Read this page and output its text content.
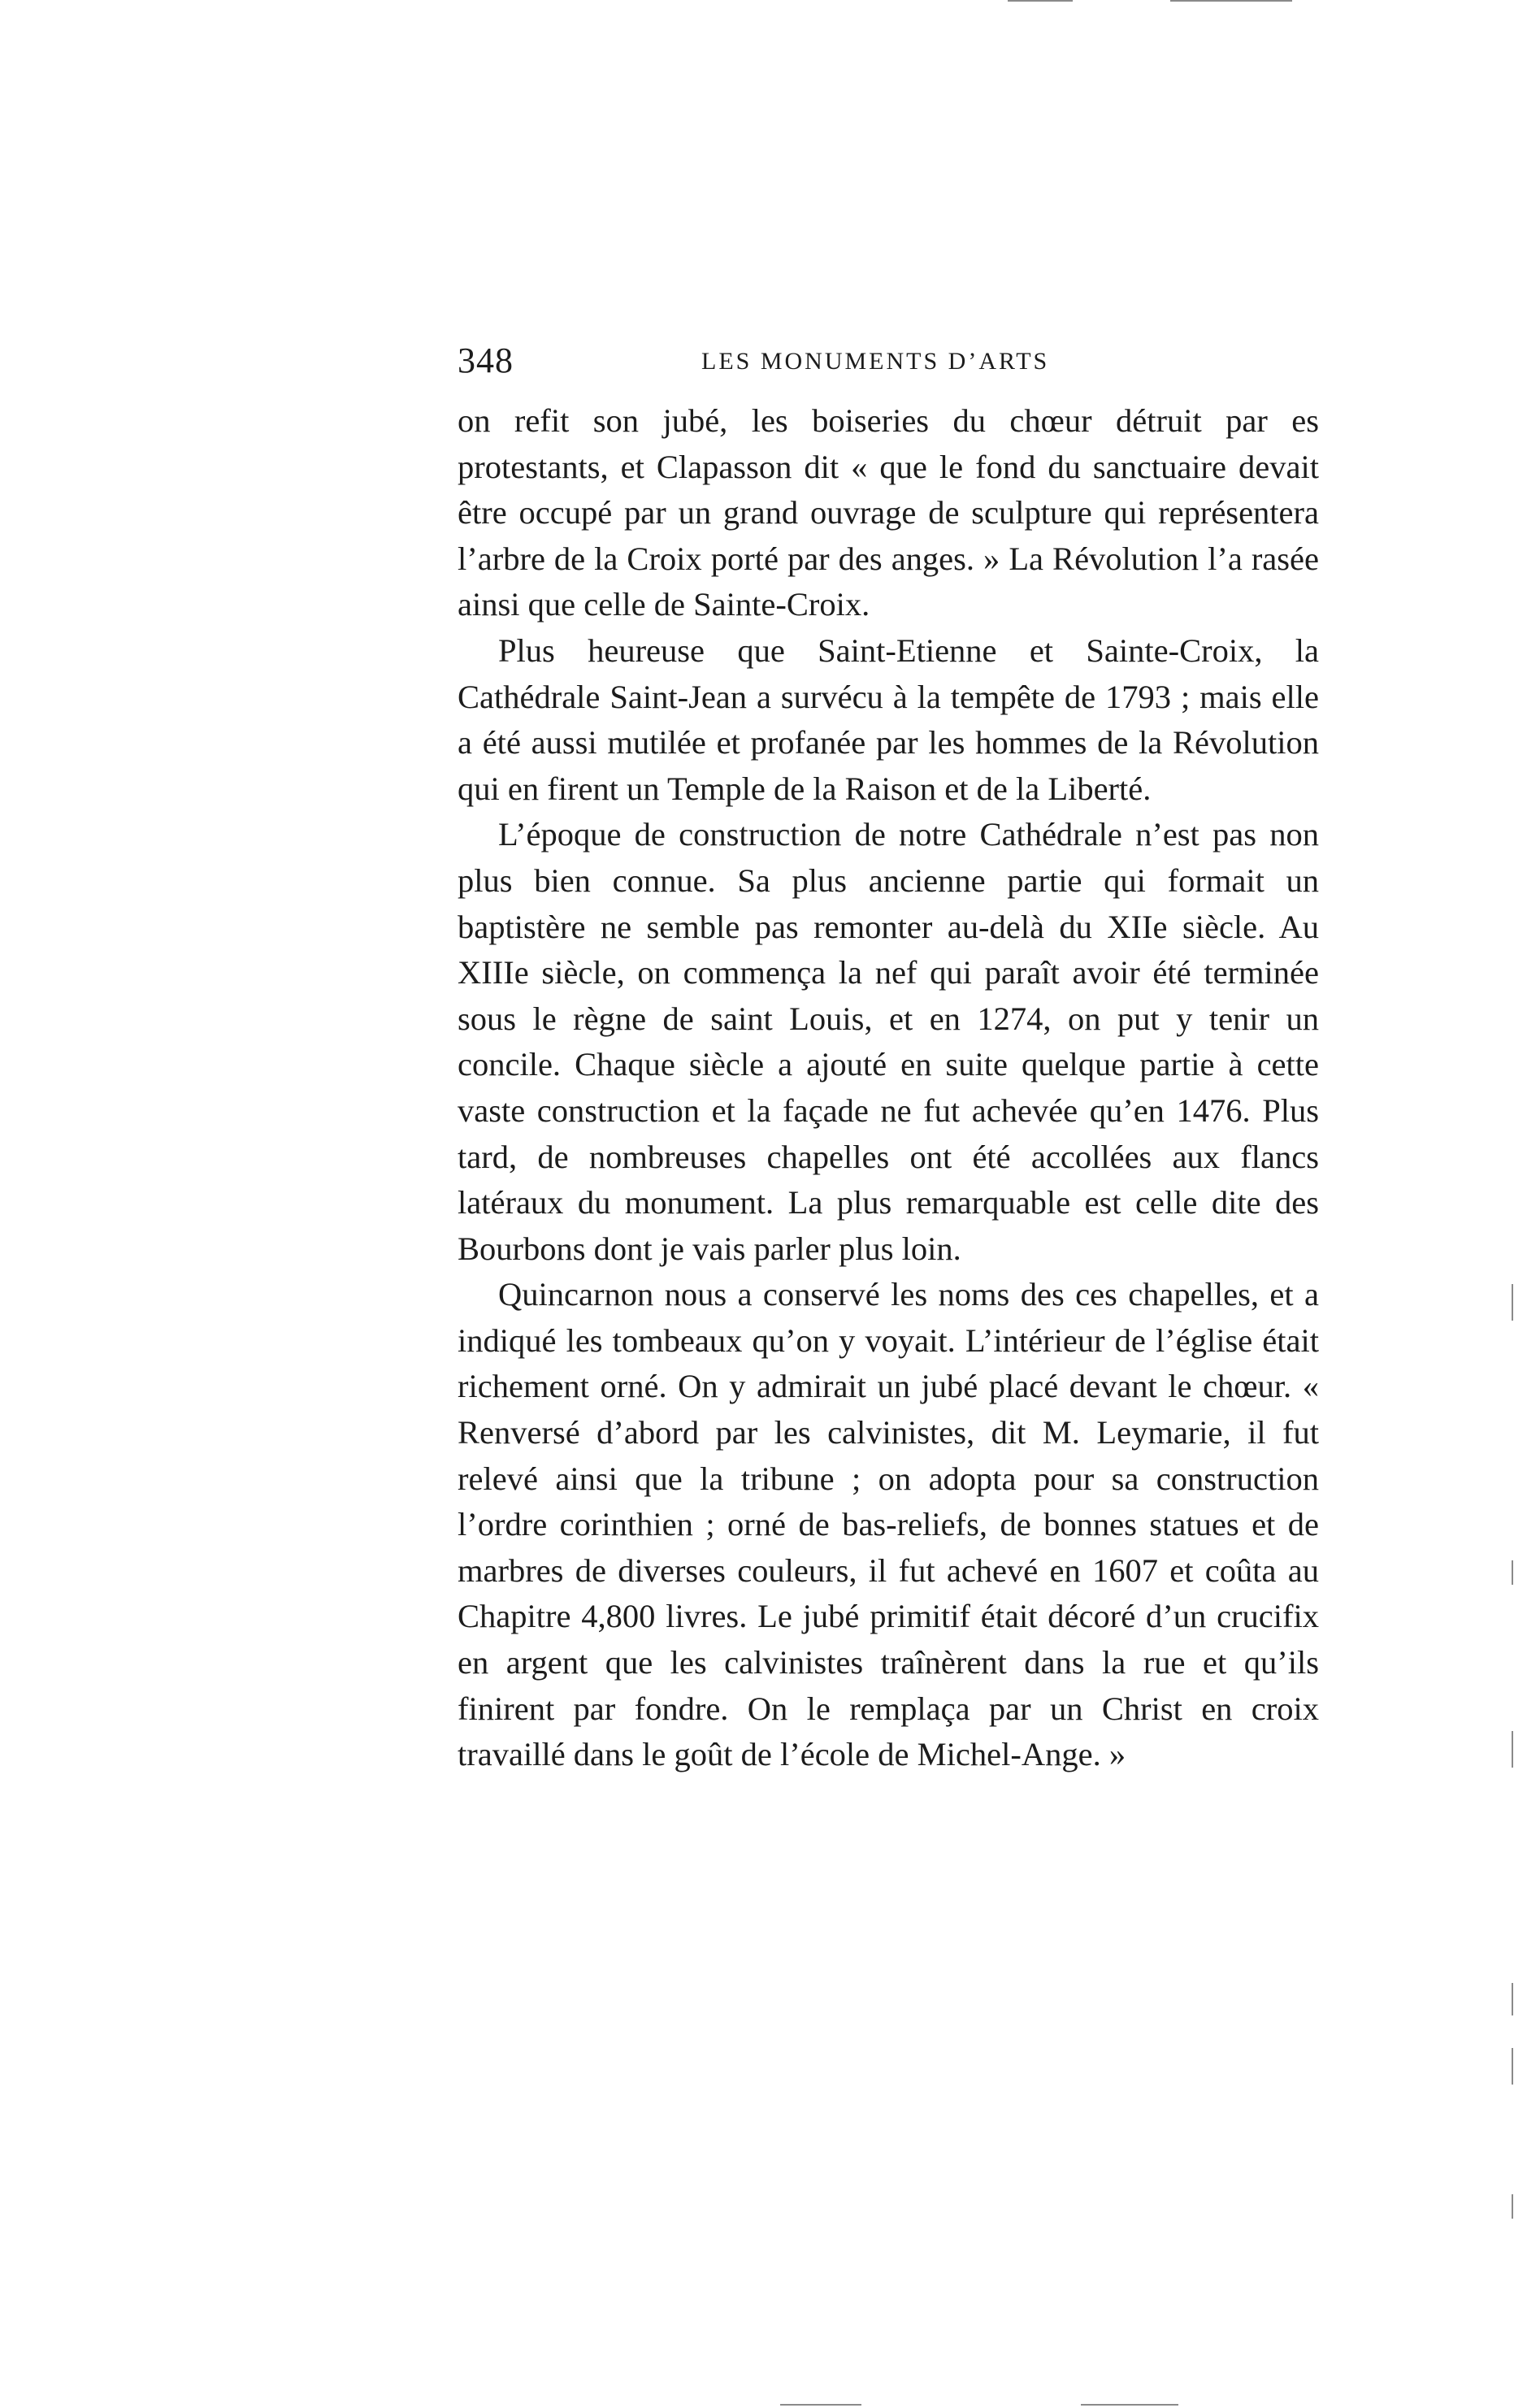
348	LES MONUMENTS D’ARTS

on refit son jubé, les boiseries du chœur détruit par es protestants, et Clapasson dit « que le fond du sanctuaire devait être occupé par un grand ouvrage de sculpture qui représentera l’arbre de la Croix porté par des anges. » La Révolution l’a rasée ainsi que celle de Sainte-Croix.

Plus heureuse que Saint-Etienne et Sainte-Croix, la Cathédrale Saint-Jean a survécu à la tempête de 1793 ; mais elle a été aussi mutilée et profanée par les hommes de la Révolution qui en firent un Temple de la Raison et de la Liberté.

L’époque de construction de notre Cathédrale n’est pas non plus bien connue. Sa plus ancienne partie qui formait un baptistère ne semble pas remonter au-delà du XIIe siècle. Au XIIIe siècle, on commença la nef qui paraît avoir été terminée sous le règne de saint Louis, et en 1274, on put y tenir un concile. Chaque siècle a ajouté en suite quelque partie à cette vaste construction et la façade ne fut achevée qu’en 1476. Plus tard, de nombreuses chapelles ont été accollées aux flancs latéraux du monument. La plus remarquable est celle dite des Bourbons dont je vais parler plus loin.

Quincarnon nous a conservé les noms des ces chapelles, et a indiqué les tombeaux qu’on y voyait. L’intérieur de l’église était richement orné. On y admirait un jubé placé devant le chœur. « Renversé d’abord par les calvinistes, dit M. Leymarie, il fut relevé ainsi que la tribune ; on adopta pour sa construction l’ordre corinthien ; orné de bas-reliefs, de bonnes statues et de marbres de diverses couleurs, il fut achevé en 1607 et coûta au Chapitre 4,800 livres. Le jubé primitif était décoré d’un crucifix en argent que les calvinistes traînèrent dans la rue et qu’ils finirent par fondre. On le remplaça par un Christ en croix travaillé dans le goût de l’école de Michel-Ange. »
